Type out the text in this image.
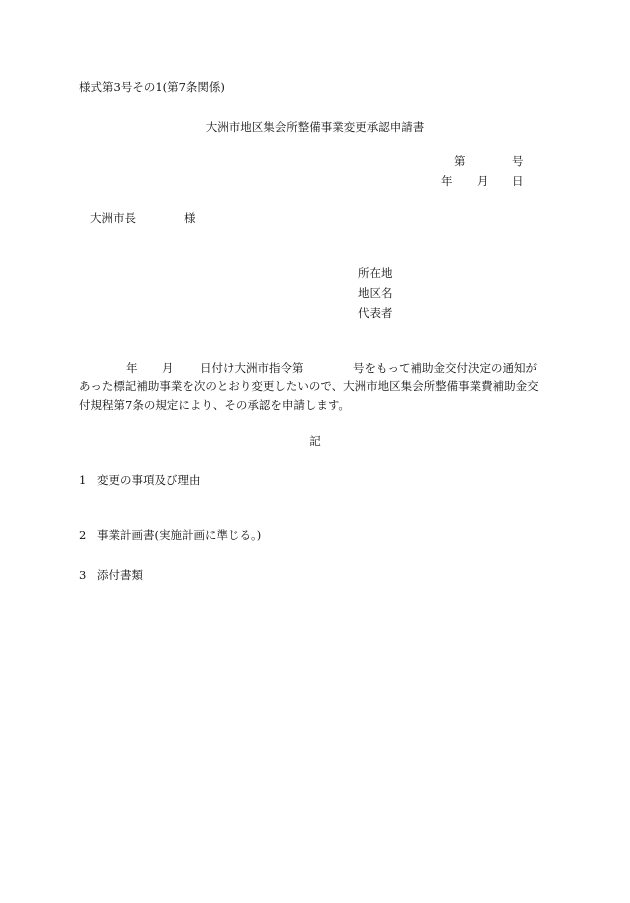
様式第3号その1(第7条関係)
大洲市地区集会所整備事業変更承認申請書
第	号
年 月 日
大洲市長	様
所在地
地区名
代表者
年 月 日付け大洲市指令第	号をもって補助金交付決定の通知が
あった標記補助事業を次のとおり変更したいので、大洲市地区集会所整備事業費補助金交
付規程第7条の規定により、その承認を申請します。
記
1 変更の事項及び理由
2 事業計画書(実施計画に準じる。)
3 添付書類
